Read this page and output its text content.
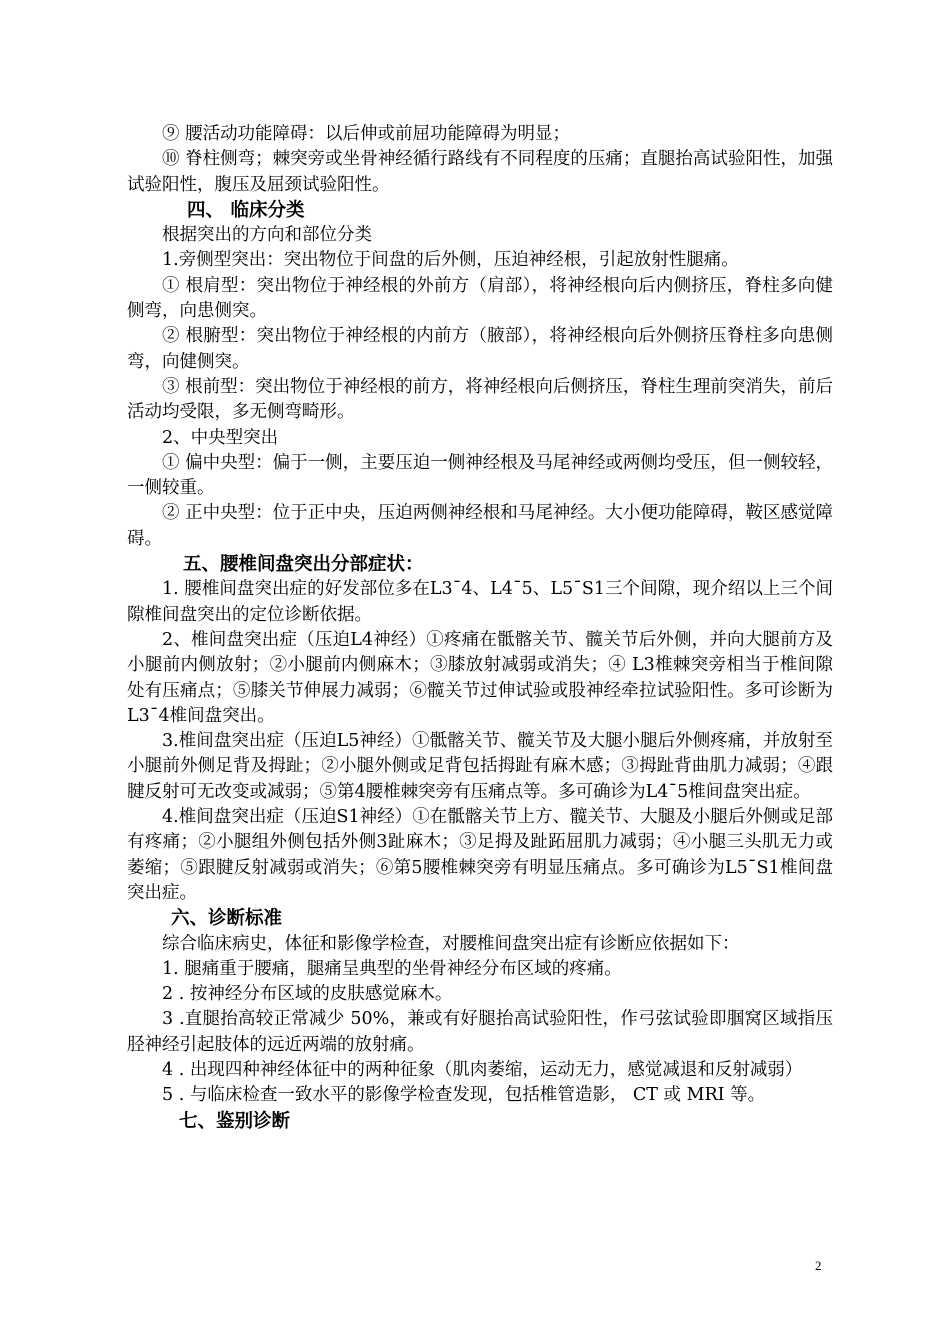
⑨ 腰活动功能障碍：以后伸或前屈功能障碍为明显；
⑩ 脊柱侧弯；棘突旁或坐骨神经循行路线有不同程度的压痛；直腿抬高试验阳性，加强试验阳性，腹压及屈颈试验阳性。
四、 临床分类
根据突出的方向和部位分类
1.旁侧型突出：突出物位于间盘的后外侧，压迫神经根，引起放射性腿痛。
① 根肩型：突出物位于神经根的外前方（肩部），将神经根向后内侧挤压，脊柱多向健侧弯，向患侧突。
② 根腑型：突出物位于神经根的内前方（腋部），将神经根向后外侧挤压脊柱多向患侧弯，向健侧突。
③ 根前型：突出物位于神经根的前方，将神经根向后侧挤压，脊柱生理前突消失，前后活动均受限，多无侧弯畸形。
2、中央型突出
① 偏中央型：偏于一侧，主要压迫一侧神经根及马尾神经或两侧均受压，但一侧较轻，一侧较重。
② 正中央型：位于正中央，压迫两侧神经根和马尾神经。大小便功能障碍，鞍区感觉障碍。
五、腰椎间盘突出分部症状：
1. 腰椎间盘突出症的好发部位多在L3¯4、L4¯5、L5¯S1三个间隙，现介绍以上三个间隙椎间盘突出的定位诊断依据。
2、椎间盘突出症（压迫L4神经）①疼痛在骶髂关节、髋关节后外侧，并向大腿前方及小腿前内侧放射；②小腿前内侧麻木；③膝放射减弱或消失；④ L3椎棘突旁相当于椎间隙处有压痛点；⑤膝关节伸展力减弱；⑥髋关节过伸试验或股神经牵拉试验阳性。多可诊断为L3¯4椎间盘突出。
3.椎间盘突出症（压迫L5神经）①骶髂关节、髋关节及大腿小腿后外侧疼痛，并放射至小腿前外侧足背及拇趾；②小腿外侧或足背包括拇趾有麻木感；③拇趾背曲肌力减弱；④跟腱反射可无改变或减弱；⑤第4腰椎棘突旁有压痛点等。多可确诊为L4¯5椎间盘突出症。
4.椎间盘突出症（压迫S1神经）①在骶髂关节上方、髋关节、大腿及小腿后外侧或足部有疼痛；②小腿组外侧包括外侧3趾麻木；③足拇及趾跖屈肌力减弱；④小腿三头肌无力或萎缩；⑤跟腱反射减弱或消失；⑥第5腰椎棘突旁有明显压痛点。多可确诊为L5¯S1椎间盘突出症。
六、诊断标准
综合临床病史，体征和影像学检查，对腰椎间盘突出症有诊断应依据如下：
1. 腿痛重于腰痛，腿痛呈典型的坐骨神经分布区域的疼痛。
2 . 按神经分布区域的皮肤感觉麻木。
3 .直腿抬高较正常减少 50%，兼或有好腿抬高试验阳性，作弓弦试验即腘窝区域指压胫神经引起肢体的远近两端的放射痛。
4 . 出现四种神经体征中的两种征象（肌肉萎缩，运动无力，感觉减退和反射减弱）
5 . 与临床检查一致水平的影像学检查发现，包括椎管造影， CT 或 MRI 等。
七、鉴别诊断
2
